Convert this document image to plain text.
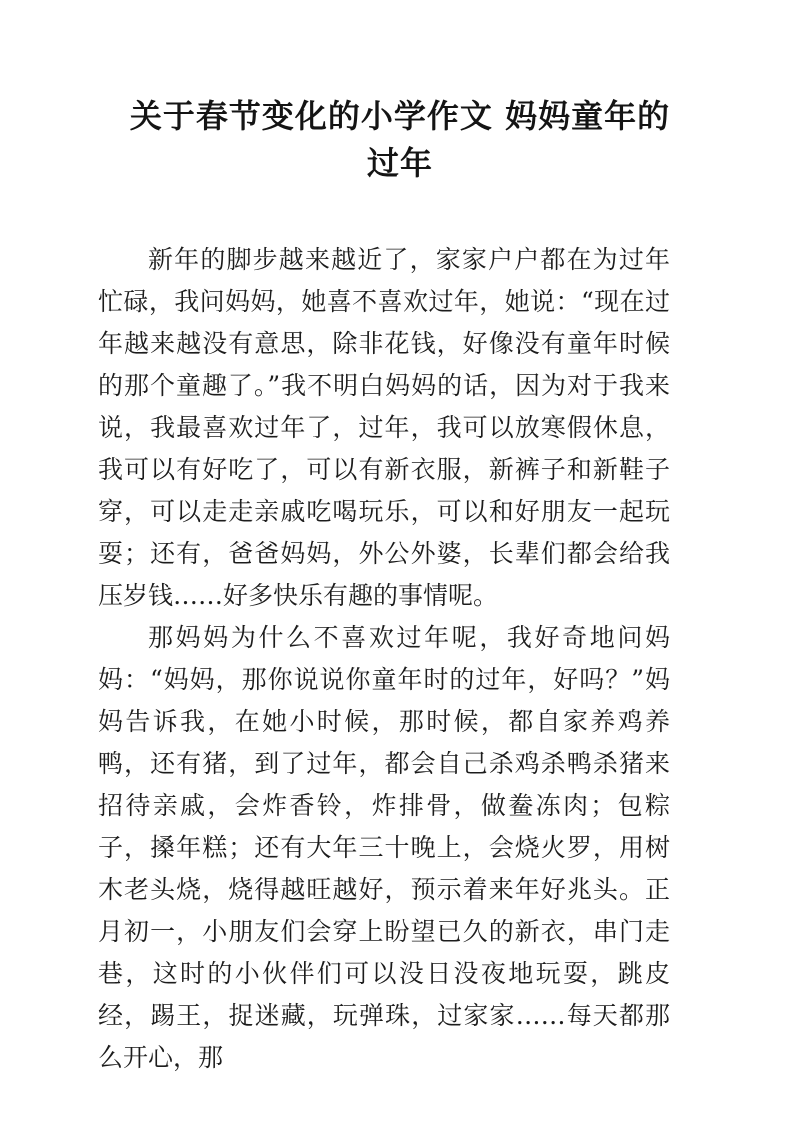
关于春节变化的小学作文 妈妈童年的
过年

新年的脚步越来越近了，家家户户都在为过年忙碌，我问妈妈，她喜不喜欢过年，她说：“现在过年越来越没有意思，除非花钱，好像没有童年时候的那个童趣了。”我不明白妈妈的话，因为对于我来说，我最喜欢过年了，过年，我可以放寒假休息，我可以有好吃了，可以有新衣服，新裤子和新鞋子穿，可以走走亲戚吃喝玩乐，可以和好朋友一起玩耍；还有，爸爸妈妈，外公外婆，长辈们都会给我压岁钱……好多快乐有趣的事情呢。

那妈妈为什么不喜欢过年呢，我好奇地问妈妈：“妈妈，那你说说你童年时的过年，好吗？”妈妈告诉我，在她小时候，那时候，都自家养鸡养鸭，还有猪，到了过年，都会自己杀鸡杀鸭杀猪来招待亲戚，会炸香铃，炸排骨，做鲞冻肉；包粽子，搡年糕；还有大年三十晚上，会烧火罗，用树木老头烧，烧得越旺越好，预示着来年好兆头。正月初一，小朋友们会穿上盼望已久的新衣，串门走巷，这时的小伙伴们可以没日没夜地玩耍，跳皮经，踢王，捉迷藏，玩弹珠，过家家……每天都那么开心，那
